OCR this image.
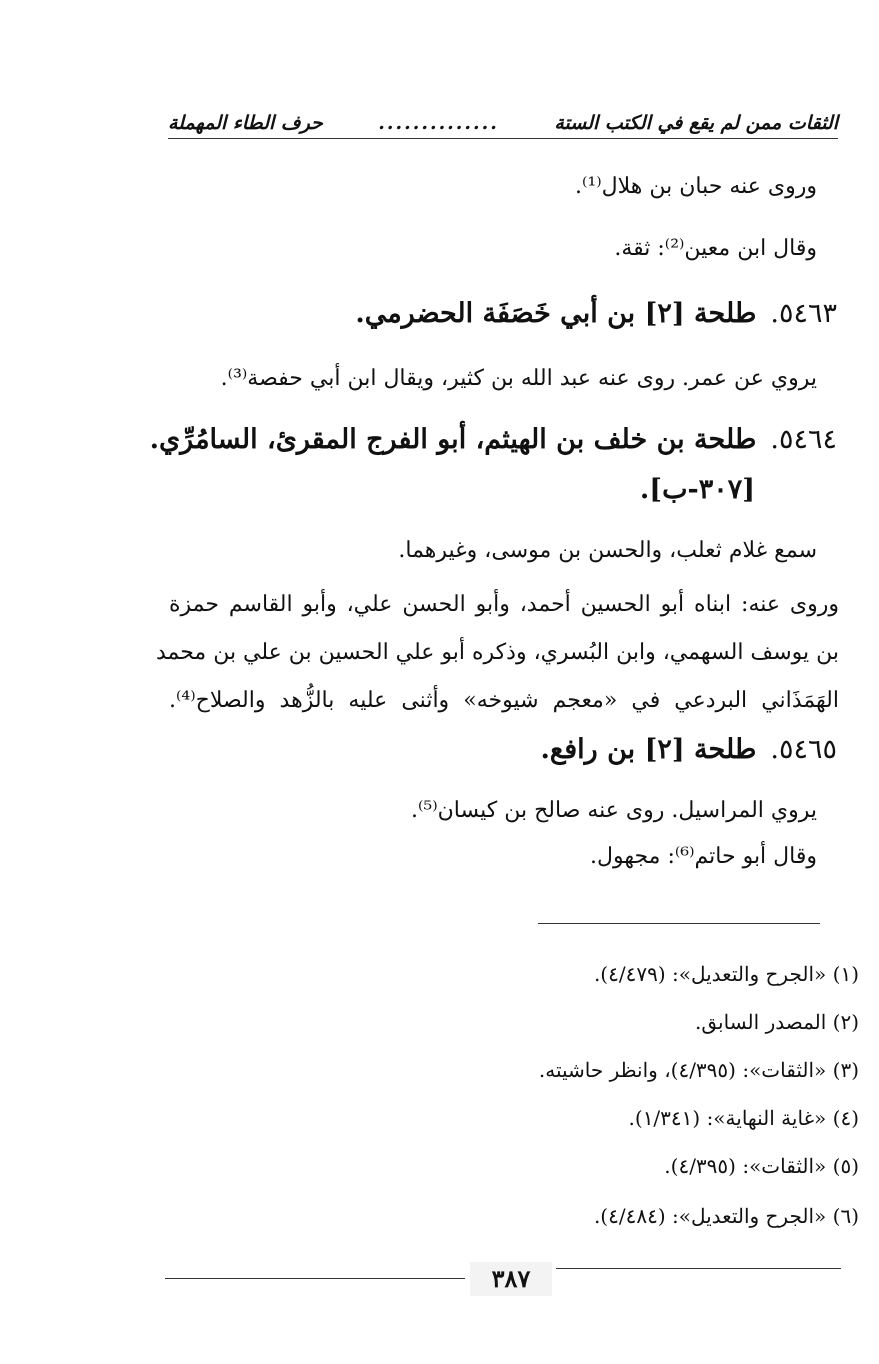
الثقات ممن لم يقع في الكتب الستة
..............
حرف الطاء المهملة
وروى عنه حبان بن هلال⁽¹⁾.
وقال ابن معين⁽²⁾: ثقة.
٥٤٦٣.طلحة [٢] بن أبي خَصَفَة الحضرمي.
يروي عن عمر. روى عنه عبد الله بن كثير، ويقال ابن أبي حفصة⁽³⁾.
٥٤٦٤.طلحة بن خلف بن الهيثم، أبو الفرج المقرئ، السامُرِّي.
[٣٠٧-ب].
سمع غلام ثعلب، والحسن بن موسى، وغيرهما.
وروى عنه: ابناه أبو الحسين أحمد، وأبو الحسن علي، وأبو القاسم حمزة
بن يوسف السهمي، وابن البُسري، وذكره أبو علي الحسين بن علي بن محمد
الهَمَذَاني البردعي في «معجم شيوخه» وأثنى عليه بالزُّهد والصلاح⁽⁴⁾.
٥٤٦٥.طلحة [٢] بن رافع.
يروي المراسيل. روى عنه صالح بن كيسان⁽⁵⁾.
وقال أبو حاتم⁽⁶⁾: مجهول.
(١) «الجرح والتعديل»: (٤/٤٧٩).
(٢) المصدر السابق.
(٣) «الثقات»: (٤/٣٩٥)، وانظر حاشيته.
(٤) «غاية النهاية»: (١/٣٤١).
(٥) «الثقات»: (٤/٣٩٥).
(٦) «الجرح والتعديل»: (٤/٤٨٤).
٣٨٧
